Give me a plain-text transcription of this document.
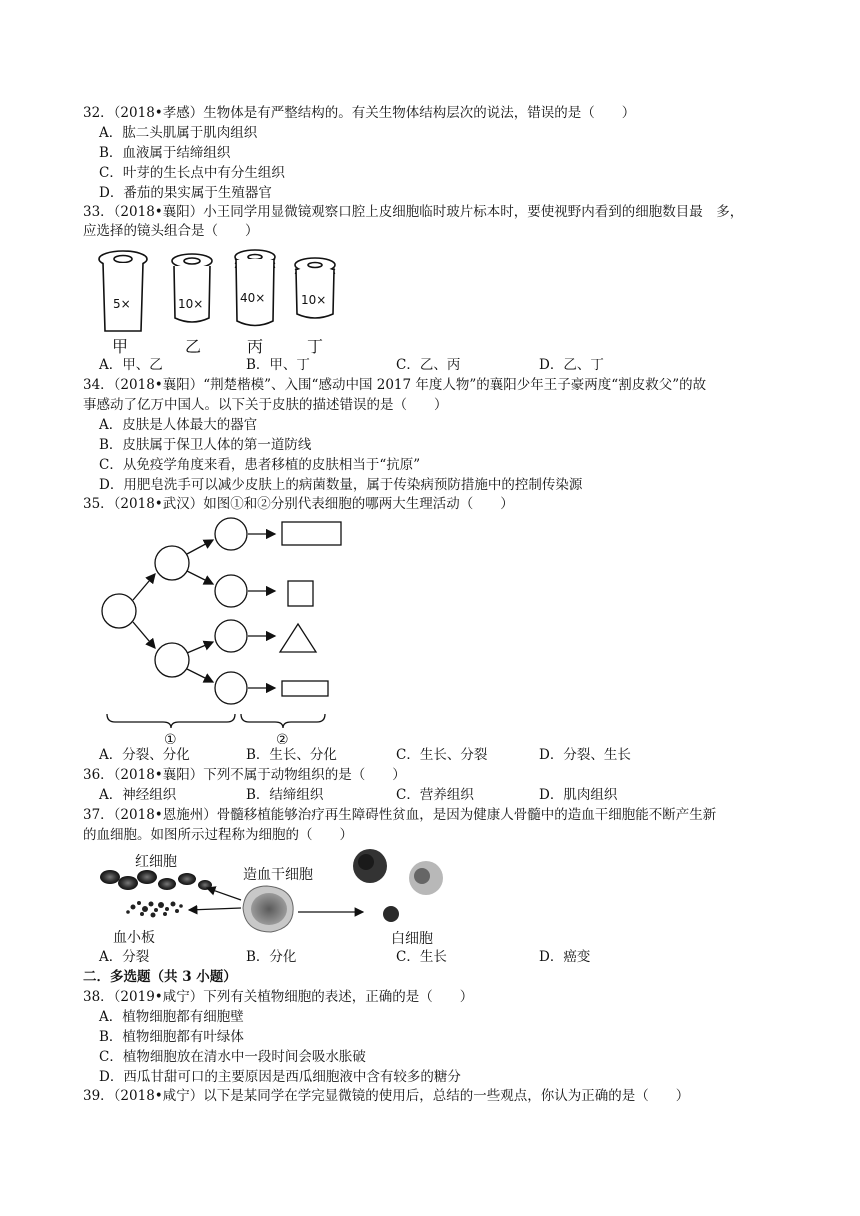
32．（2018•孝感）生物体是有严整结构的。有关生物体结构层次的说法，错误的是（　　）
A．肱二头肌属于肌肉组织
B．血液属于结缔组织
C．叶芽的生长点中有分生组织
D．番茄的果实属于生殖器官
33．（2018•襄阳）小王同学用显微镜观察口腔上皮细胞临时玻片标本时，要使视野内看到的细胞数目最　多，
应选择的镜头组合是（　　）
5×	10×	40×	10×
甲	乙	丙	丁
A．甲、乙	B．甲、丁	C．乙、丙	D．乙、丁
34．（2018•襄阳）“荆楚楷模”、入围“感动中国 2017 年度人物”的襄阳少年王子豪两度“割皮救父”的故
事感动了亿万中国人。以下关于皮肤的描述错误的是（　　）
A．皮肤是人体最大的器官
B．皮肤属于保卫人体的第一道防线
C．从免疫学角度来看，患者移植的皮肤相当于“抗原”
D．用肥皂洗手可以减少皮肤上的病菌数量，属于传染病预防措施中的控制传染源
35．（2018•武汉）如图①和②分别代表细胞的哪两大生理活动（　　）
①	②
A．分裂、分化	B．生长、分化	C．生长、分裂	D．分裂、生长
36．（2018•襄阳）下列不属于动物组织的是（　　）
A．神经组织	B．结缔组织	C．营养组织	D．肌肉组织
37．（2018•恩施州）骨髓移植能够治疗再生障碍性贫血，是因为健康人骨髓中的造血干细胞能不断产生新
的血细胞。如图所示过程称为细胞的（　　）
红细胞
造血干细胞
血小板	白细胞
A．分裂	B．分化	C．生长	D．癌变
二．多选题（共 3 小题）
38．（2019•咸宁）下列有关植物细胞的表述，正确的是（　　）
A．植物细胞都有细胞壁
B．植物细胞都有叶绿体
C．植物细胞放在清水中一段时间会吸水胀破
D．西瓜甘甜可口的主要原因是西瓜细胞液中含有较多的糖分
39．（2018•咸宁）以下是某同学在学完显微镜的使用后，总结的一些观点，你认为正确的是（　　）
